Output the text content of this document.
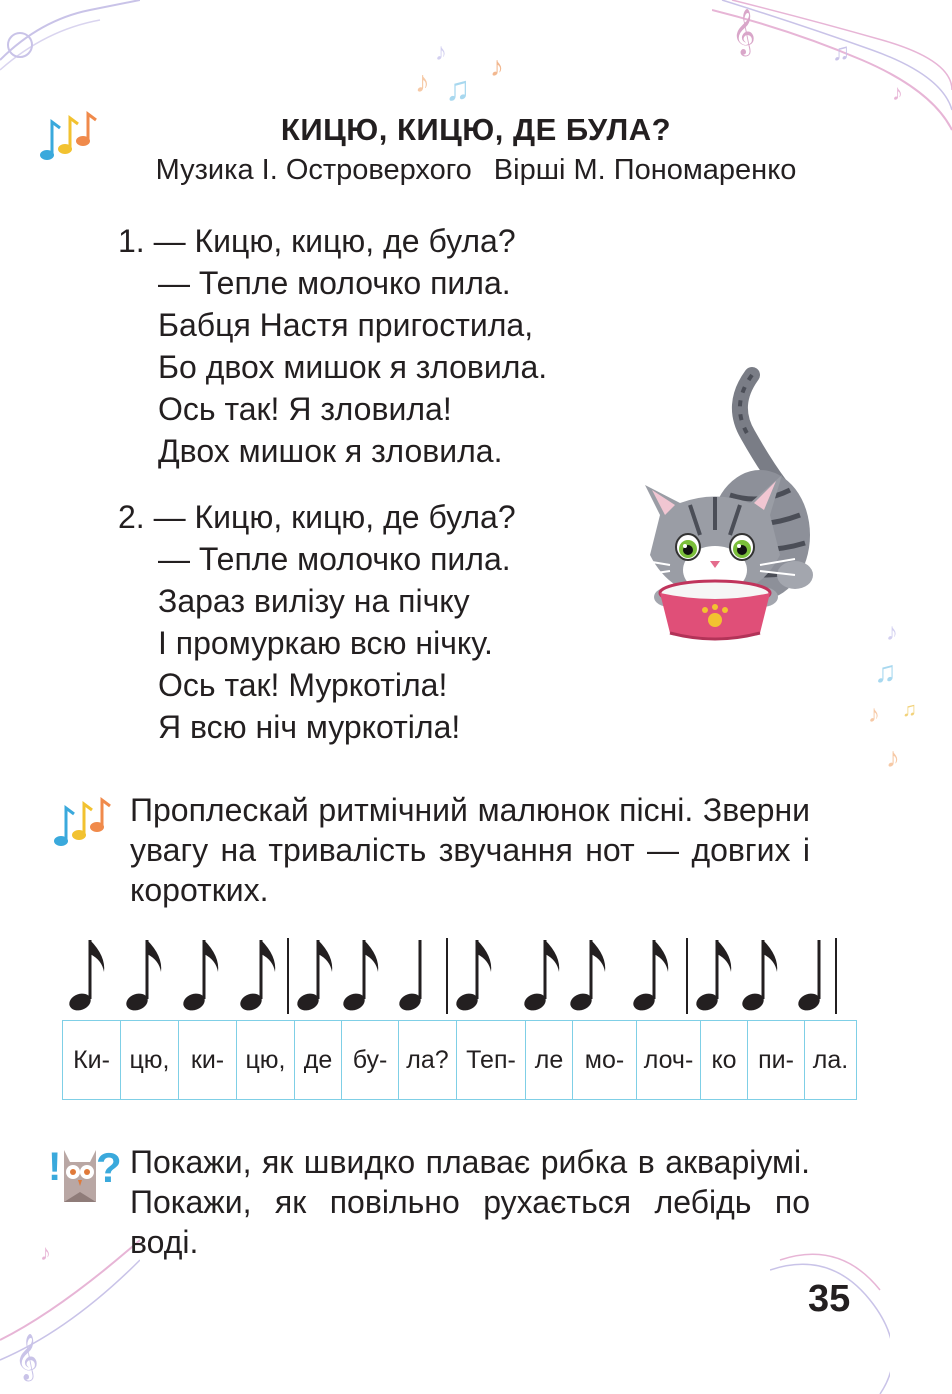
𝄞	♫
♪
♪ ♫
♪
♪
♪
♫
♪ ♫
♪
𝄞
♪
КИЦЮ, КИЦЮ, ДЕ БУЛА?
Музика І. Островерхого Вірші М. Пономаренко
1. — Кицю, кицю, де була?
— Тепле молочко пила.
Бабця Настя пригостила,
Бо двох мишок я зловила.
Ось так! Я зловила!
Двох мишок я зловила.
2. — Кицю, кицю, де була?
— Тепле молочко пила.
Зараз вилізу на пічку
І промуркаю всю нічку.
Ось так! Муркотіла!
Я всю ніч муркотіла!
Проплескай ритмічний малюнок пісні. Зверни увагу на тривалість звучання нот — довгих і коротких.
Ки-	цю,	ки-	цю,	де	бу-	ла?	Теп-	ле	мо-	лоч-	ко	пи-	ла.
! ? Покажи, як швидко плаває рибка в акваріумі. Покажи, як повільно рухається лебідь по воді.
35
